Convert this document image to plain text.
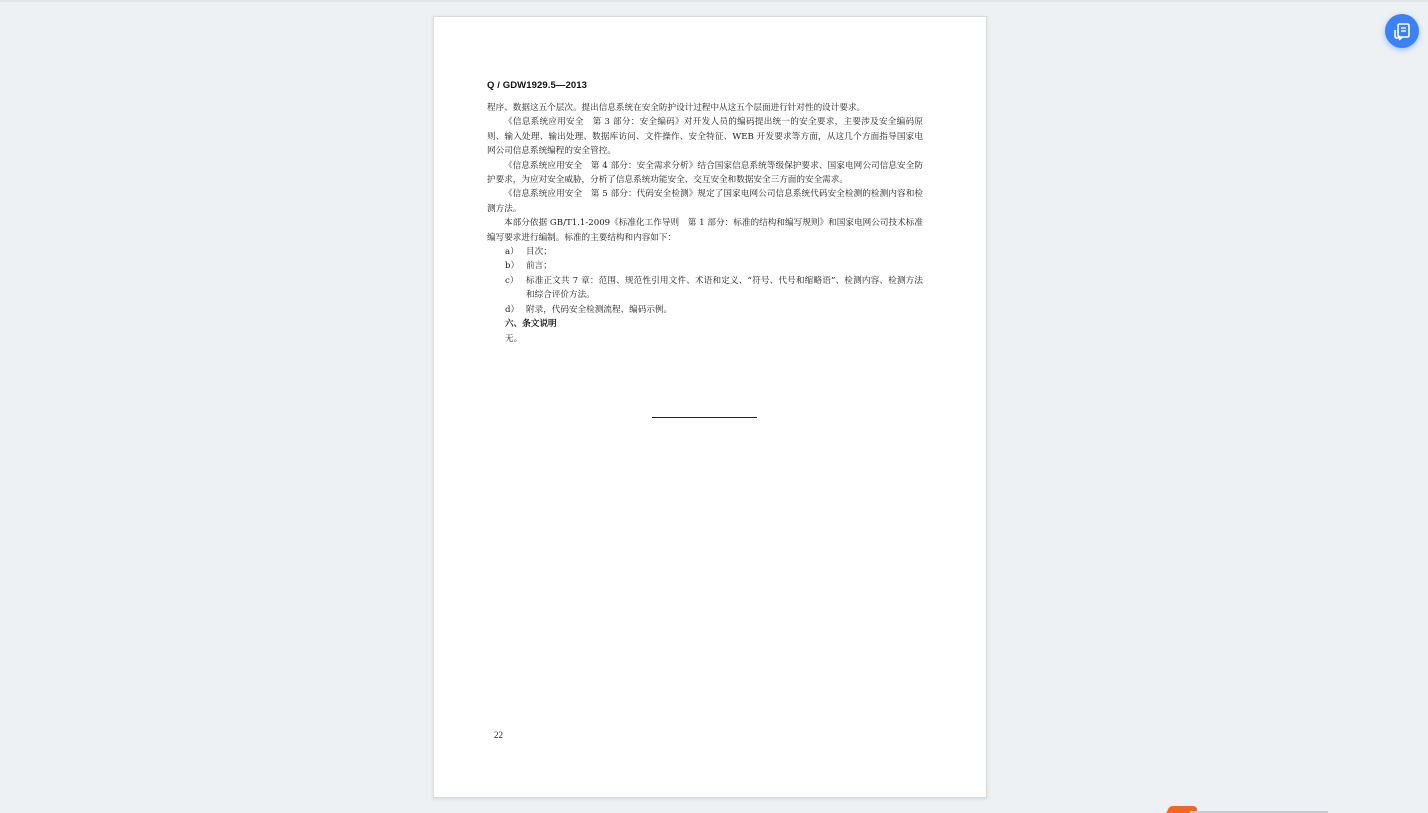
Q / GDW1929.5—2013

程序、数据这五个层次。提出信息系统在安全防护设计过程中从这五个层面进行针对性的设计要求。

《信息系统应用安全　第 3 部分：安全编码》对开发人员的编码提出统一的安全要求，主要涉及安全编码原则、输入处理、输出处理、数据库访问、文件操作、安全特征、WEB 开发要求等方面，从这几个方面指导国家电网公司信息系统编程的安全管控。

《信息系统应用安全　第 4 部分：安全需求分析》结合国家信息系统等级保护要求、国家电网公司信息安全防护要求，为应对安全威胁，分析了信息系统功能安全、交互安全和数据安全三方面的安全需求。

《信息系统应用安全　第 5 部分：代码安全检测》规定了国家电网公司信息系统代码安全检测的检测内容和检测方法。

本部分依据 GB/T1.1-2009《标准化工作导则　第 1 部分：标准的结构和编写规则》和国家电网公司技术标准编写要求进行编制。标准的主要结构和内容如下：

a） 目次；
b） 前言；
c） 标准正文共 7 章：范围、规范性引用文件、术语和定义、“符号、代号和缩略语”、检测内容、检测方法和综合评价方法。
d） 附录，代码安全检测流程、编码示例。
六、条文说明
无。
22
